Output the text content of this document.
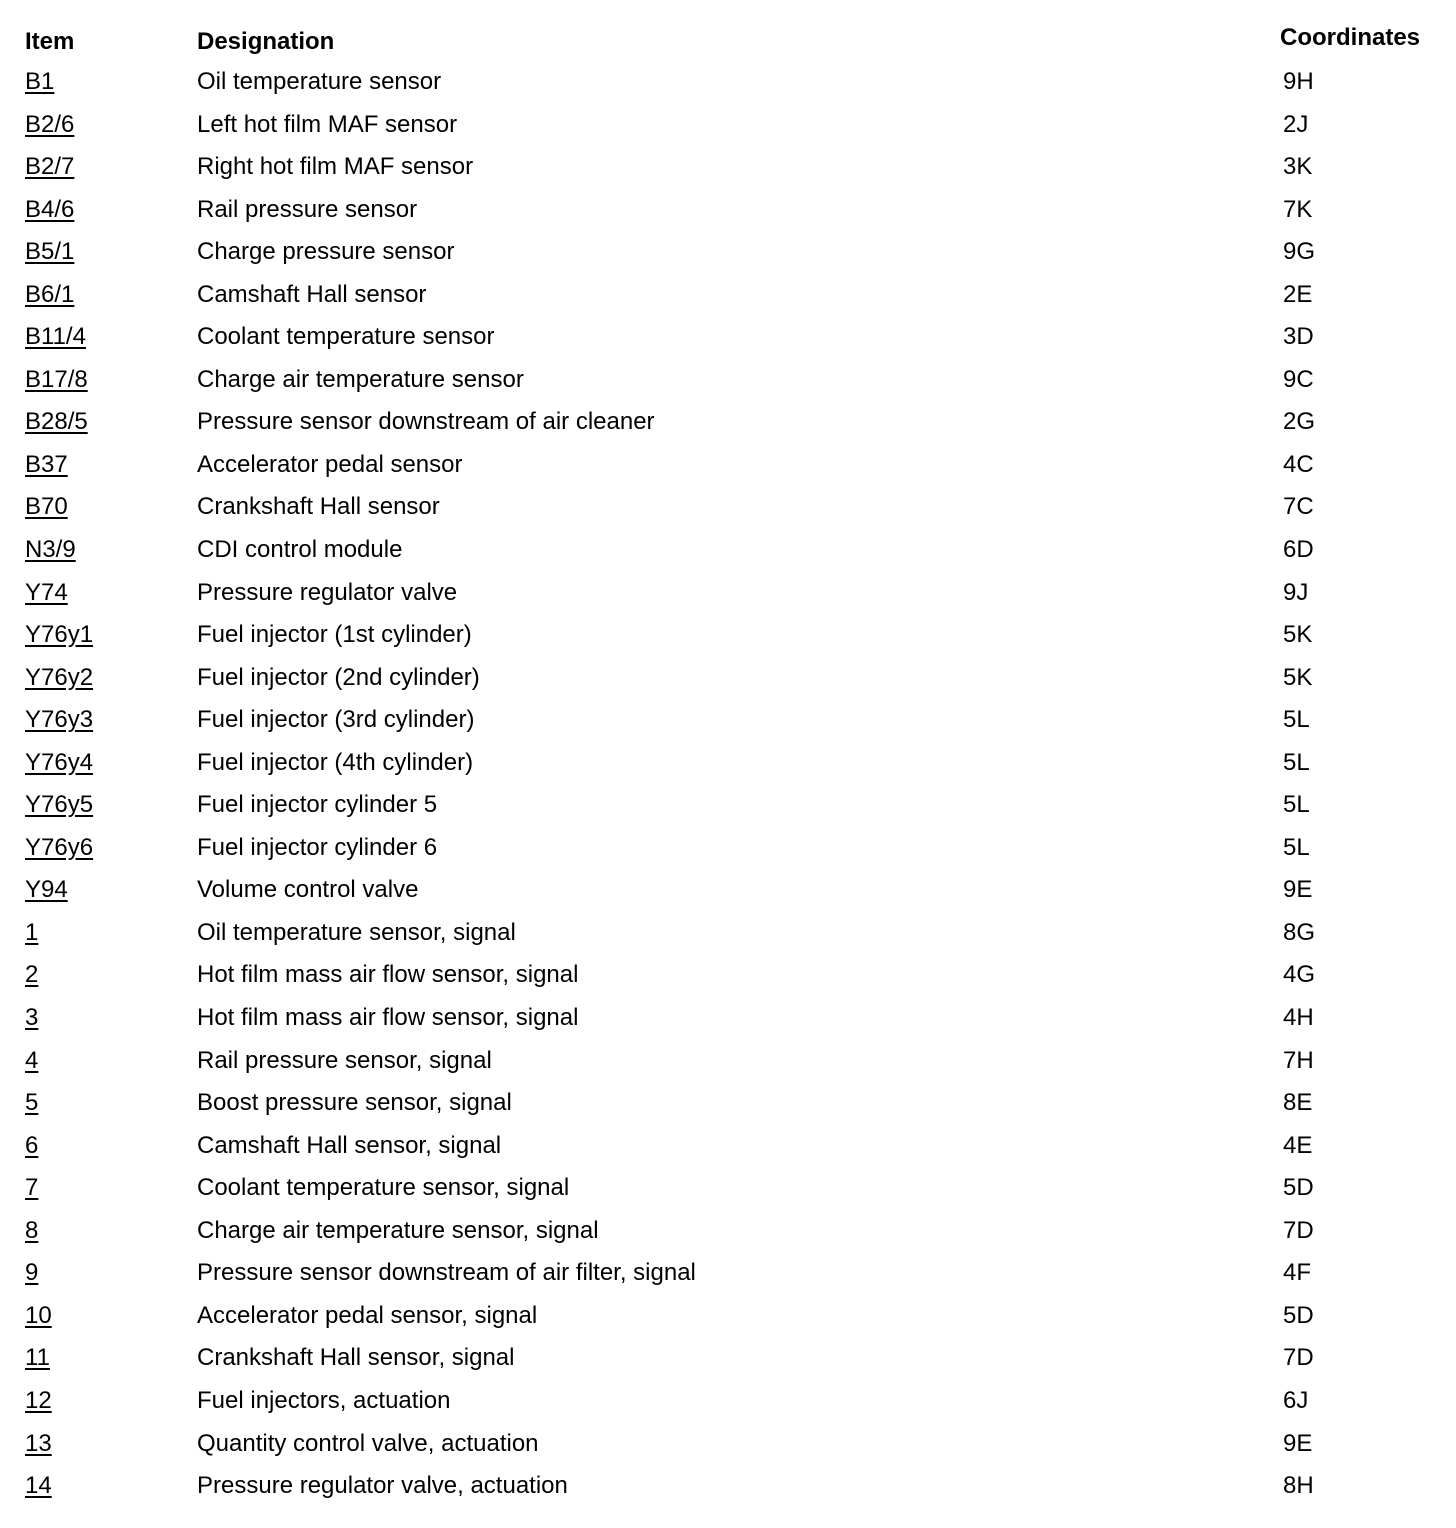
Item	Designation	Coordinates
B1	Oil temperature sensor	9H
B2/6	Left hot film MAF sensor	2J
B2/7	Right hot film MAF sensor	3K
B4/6	Rail pressure sensor	7K
B5/1	Charge pressure sensor	9G
B6/1	Camshaft Hall sensor	2E
B11/4	Coolant temperature sensor	3D
B17/8	Charge air temperature sensor	9C
B28/5	Pressure sensor downstream of air cleaner	2G
B37	Accelerator pedal sensor	4C
B70	Crankshaft Hall sensor	7C
N3/9	CDI control module	6D
Y74	Pressure regulator valve	9J
Y76y1	Fuel injector (1st cylinder)	5K
Y76y2	Fuel injector (2nd cylinder)	5K
Y76y3	Fuel injector (3rd cylinder)	5L
Y76y4	Fuel injector (4th cylinder)	5L
Y76y5	Fuel injector cylinder 5	5L
Y76y6	Fuel injector cylinder 6	5L
Y94	Volume control valve	9E
1	Oil temperature sensor, signal	8G
2	Hot film mass air flow sensor, signal	4G
3	Hot film mass air flow sensor, signal	4H
4	Rail pressure sensor, signal	7H
5	Boost pressure sensor, signal	8E
6	Camshaft Hall sensor, signal	4E
7	Coolant temperature sensor, signal	5D
8	Charge air temperature sensor, signal	7D
9	Pressure sensor downstream of air filter, signal	4F
10	Accelerator pedal sensor, signal	5D
11	Crankshaft Hall sensor, signal	7D
12	Fuel injectors, actuation	6J
13	Quantity control valve, actuation	9E
14	Pressure regulator valve, actuation	8H
